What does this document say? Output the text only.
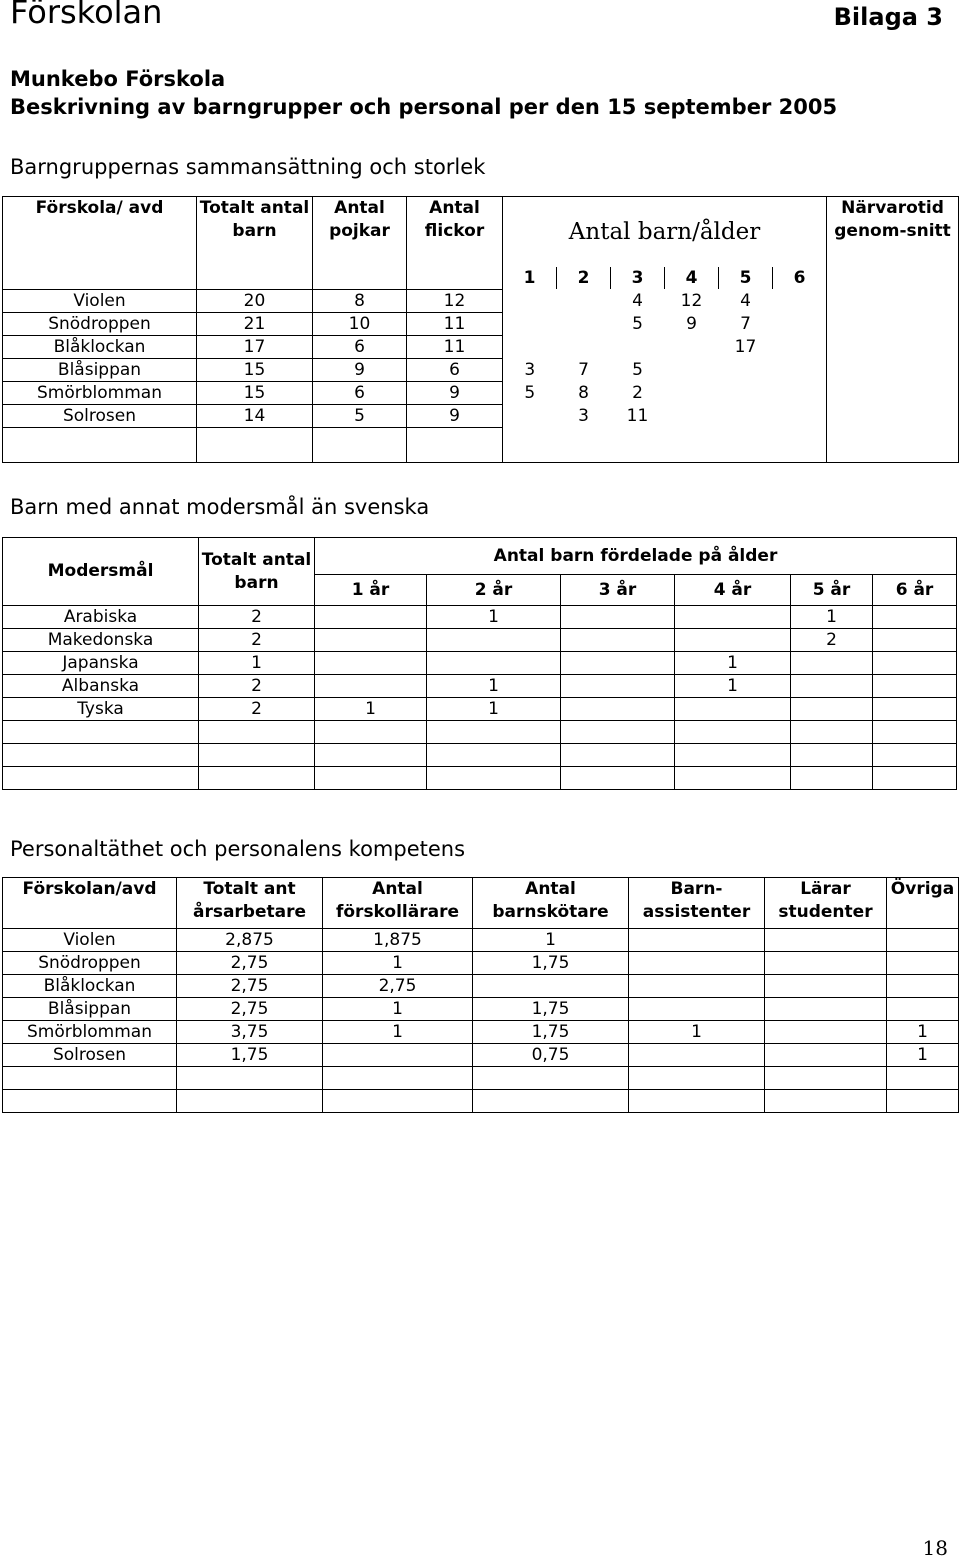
Förskolan	Bilaga 3
Munkebo Förskola
Beskrivning av barngrupper och personal per den 15 september 2005
Barngruppernas sammansättning och storlek
Förskola/ avd	Totalt antal barn	Antal pojkar	Antal flickor	Antal barn/ålder						Närvarotid genom-snitt
				1	2	3	4	5	6	
Violen	20	8	12			4	12	4		
Snödroppen	21	10	11			5	9	7		
Blåklockan	17	6	11					17		
Blåsippan	15	9	6	3	7	5				
Smörblomman	15	6	9	5	8	2				
Solrosen	14	5	9		3	11				

Barn med annat modersmål än svenska
Modersmål	Totalt antal barn	Antal barn fördelade på ålder					
		1 år	2 år	3 år	4 år	5 år	6 år
Arabiska	2		1			1	
Makedonska	2					2	
Japanska	1				1		
Albanska	2		1		1		
Tyska	2	1	1				

Personaltäthet och personalens kompetens
Förskolan/avd	Totalt ant årsarbetare	Antal förskollärare	Antal barnskötare	Barn-assistenter	Lärar studenter	Övriga
Violen	2,875	1,875	1			
Snödroppen	2,75	1	1,75			
Blåklockan	2,75	2,75				
Blåsippan	2,75	1	1,75			
Smörblomman	3,75	1	1,75	1		1
Solrosen	1,75		0,75			1

18
